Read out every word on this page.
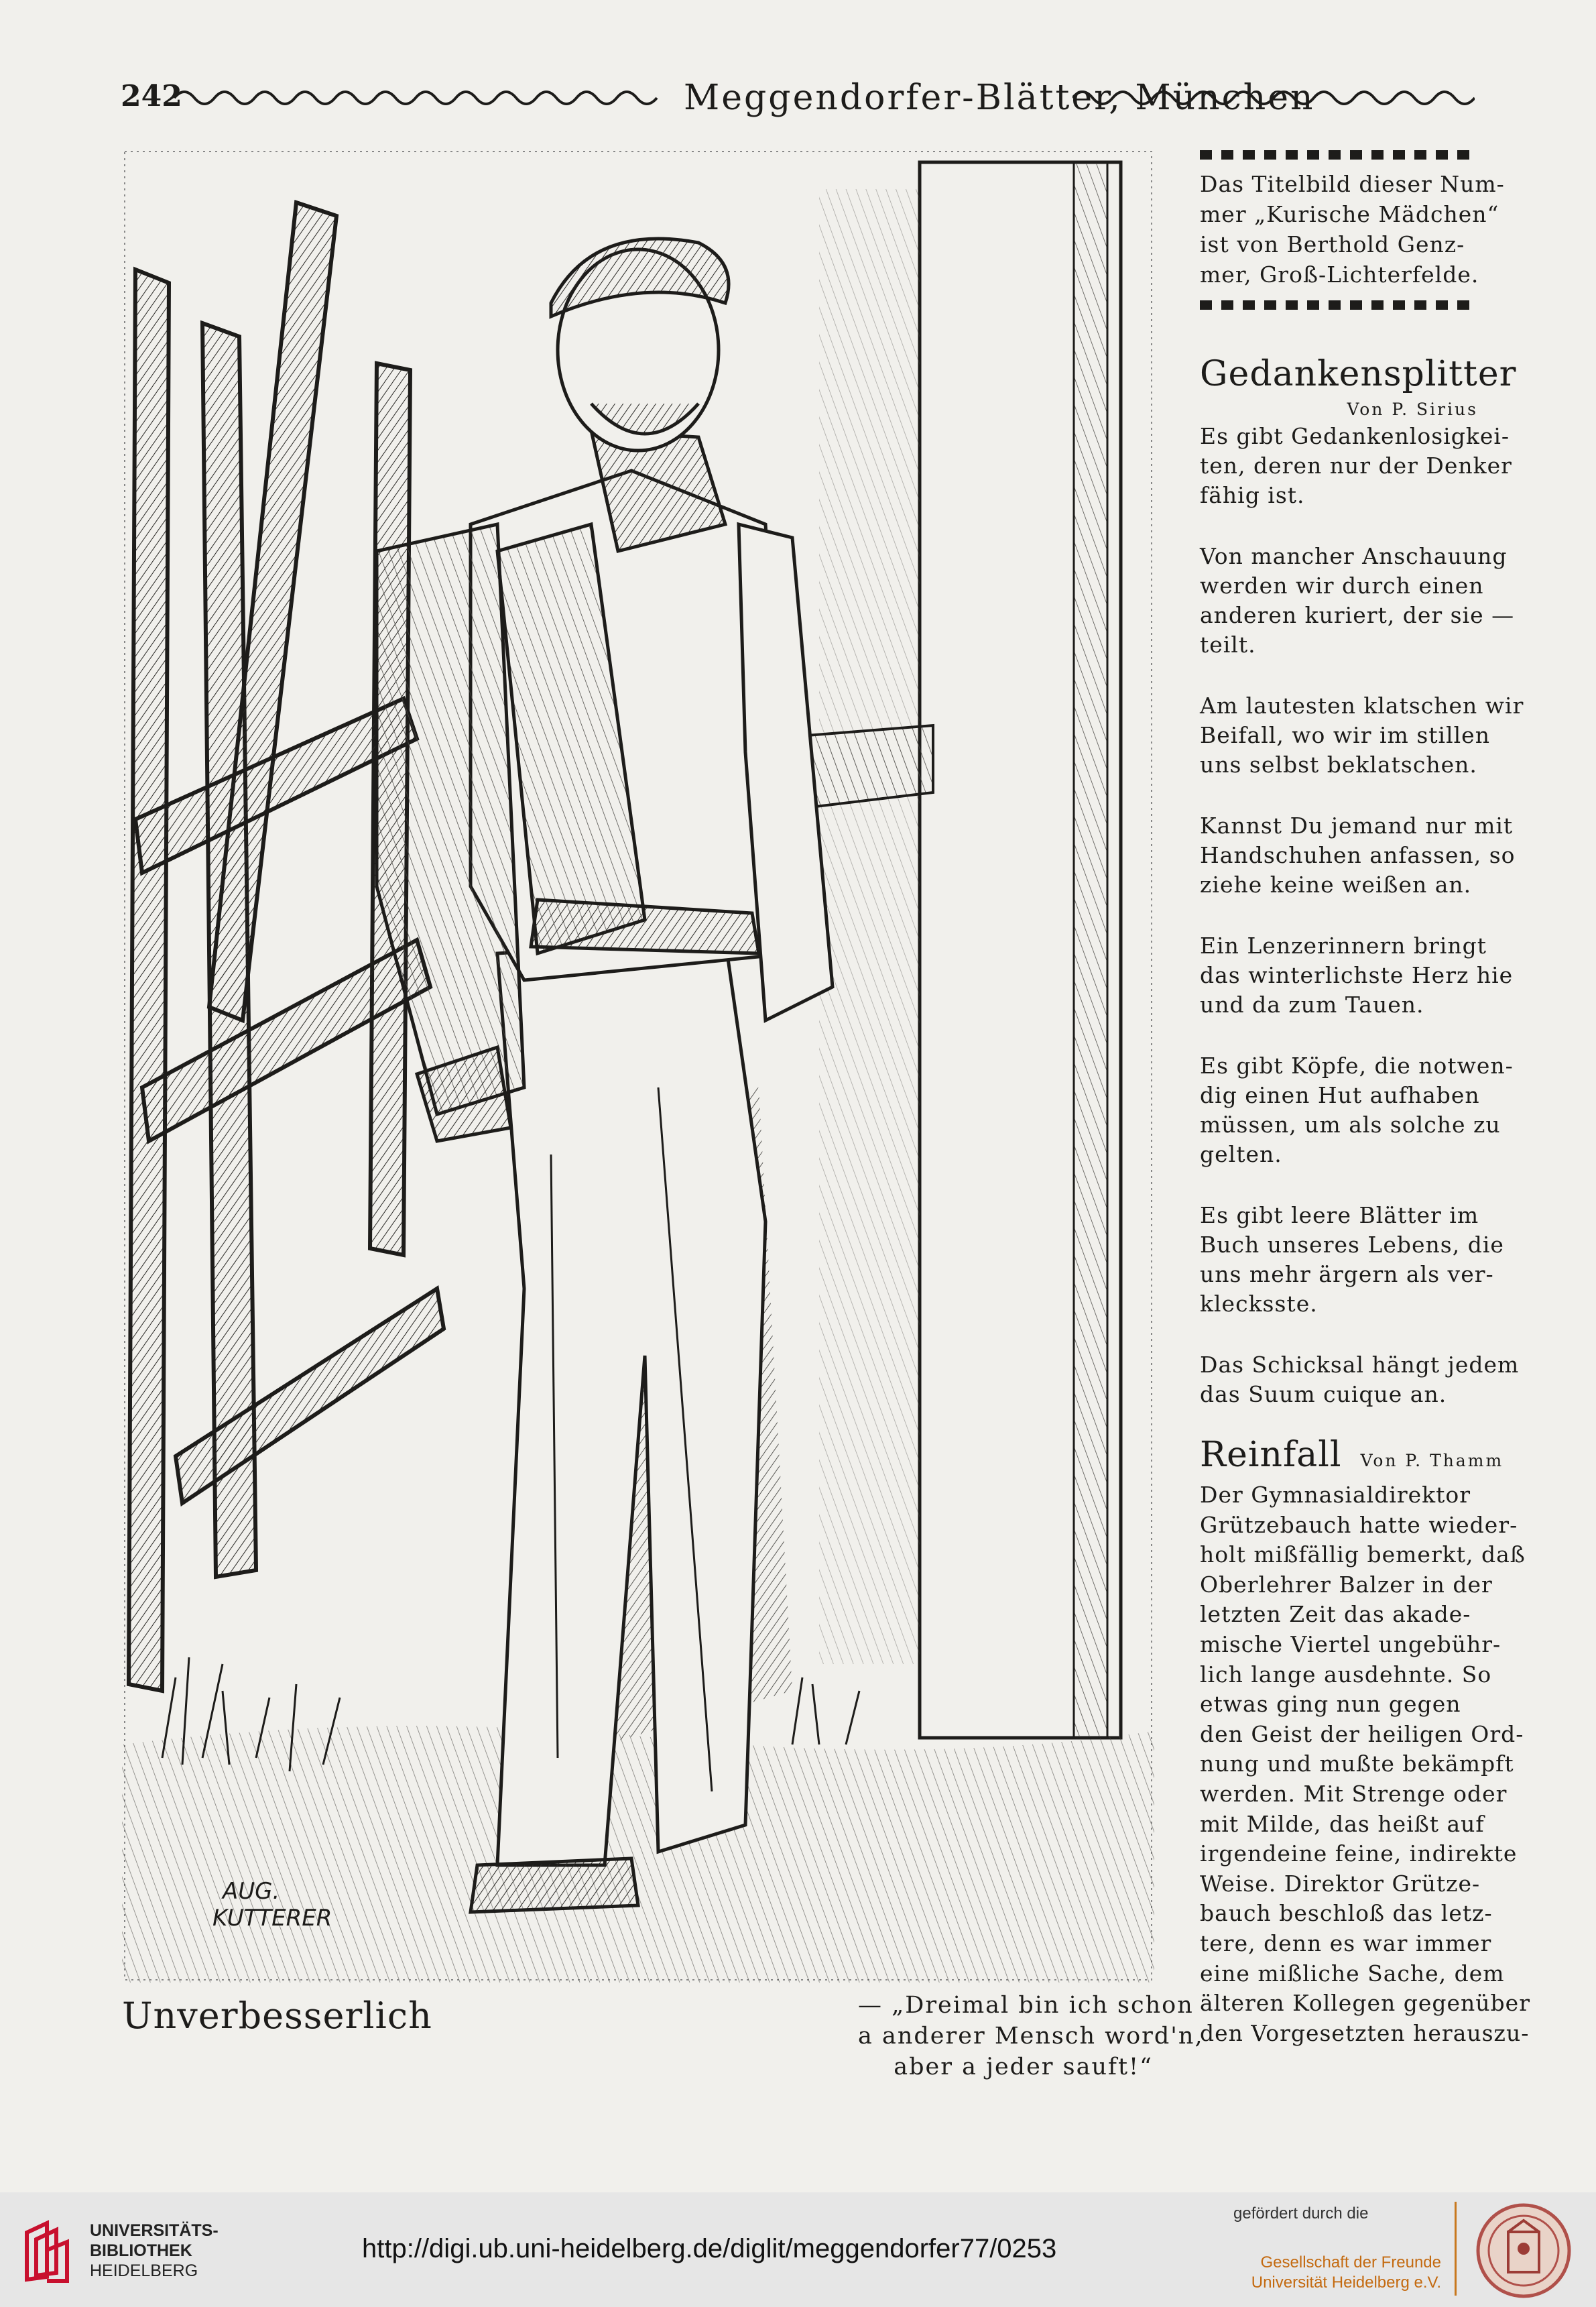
242	Meggendorfer-Blätter, München
AUG.
KUTTERER
Unverbesserlich	— „Dreimal bin ich schon
a anderer Mensch word'n,
aber a jeder sauft!“
Das Titelbild dieser Num-
mer „Kurische Mädchen“
ist von Berthold Genz-
mer, Groß-Lichterfelde.
Gedankensplitter
Von P. Sirius
Es gibt Gedankenlosigkei-
ten, deren nur der Denker
fähig ist.
Von mancher Anschauung
werden wir durch einen
anderen kuriert, der sie —
teilt.
Am lautesten klatschen wir
Beifall, wo wir im stillen
uns selbst beklatschen.
Kannst Du jemand nur mit
Handschuhen anfassen, so
ziehe keine weißen an.
Ein Lenzerinnern bringt
das winterlichste Herz hie
und da zum Tauen.
Es gibt Köpfe, die notwen-
dig einen Hut aufhaben
müssen, um als solche zu
gelten.
Es gibt leere Blätter im
Buch unseres Lebens, die
uns mehr ärgern als ver-
klecksste.
Das Schicksal hängt jedem
das Suum cuique an.
Reinfall Von P. Thamm
Der Gymnasialdirektor
Grützebauch hatte wieder-
holt mißfällig bemerkt, daß
Oberlehrer Balzer in der
letzten Zeit das akade-
mische Viertel ungebühr-
lich lange ausdehnte. So
etwas ging nun gegen
den Geist der heiligen Ord-
nung und mußte bekämpft
werden. Mit Strenge oder
mit Milde, das heißt auf
irgendeine feine, indirekte
Weise. Direktor Grütze-
bauch beschloß das letz-
tere, denn es war immer
eine mißliche Sache, dem
älteren Kollegen gegenüber
den Vorgesetzten herauszu-
UNIVERSITÄTS-
BIBLIOTHEK
HEIDELBERG
http://digi.ub.uni-heidelberg.de/diglit/meggendorfer77/0253
gefördert durch die
Gesellschaft der Freunde
Universität Heidelberg e.V.
